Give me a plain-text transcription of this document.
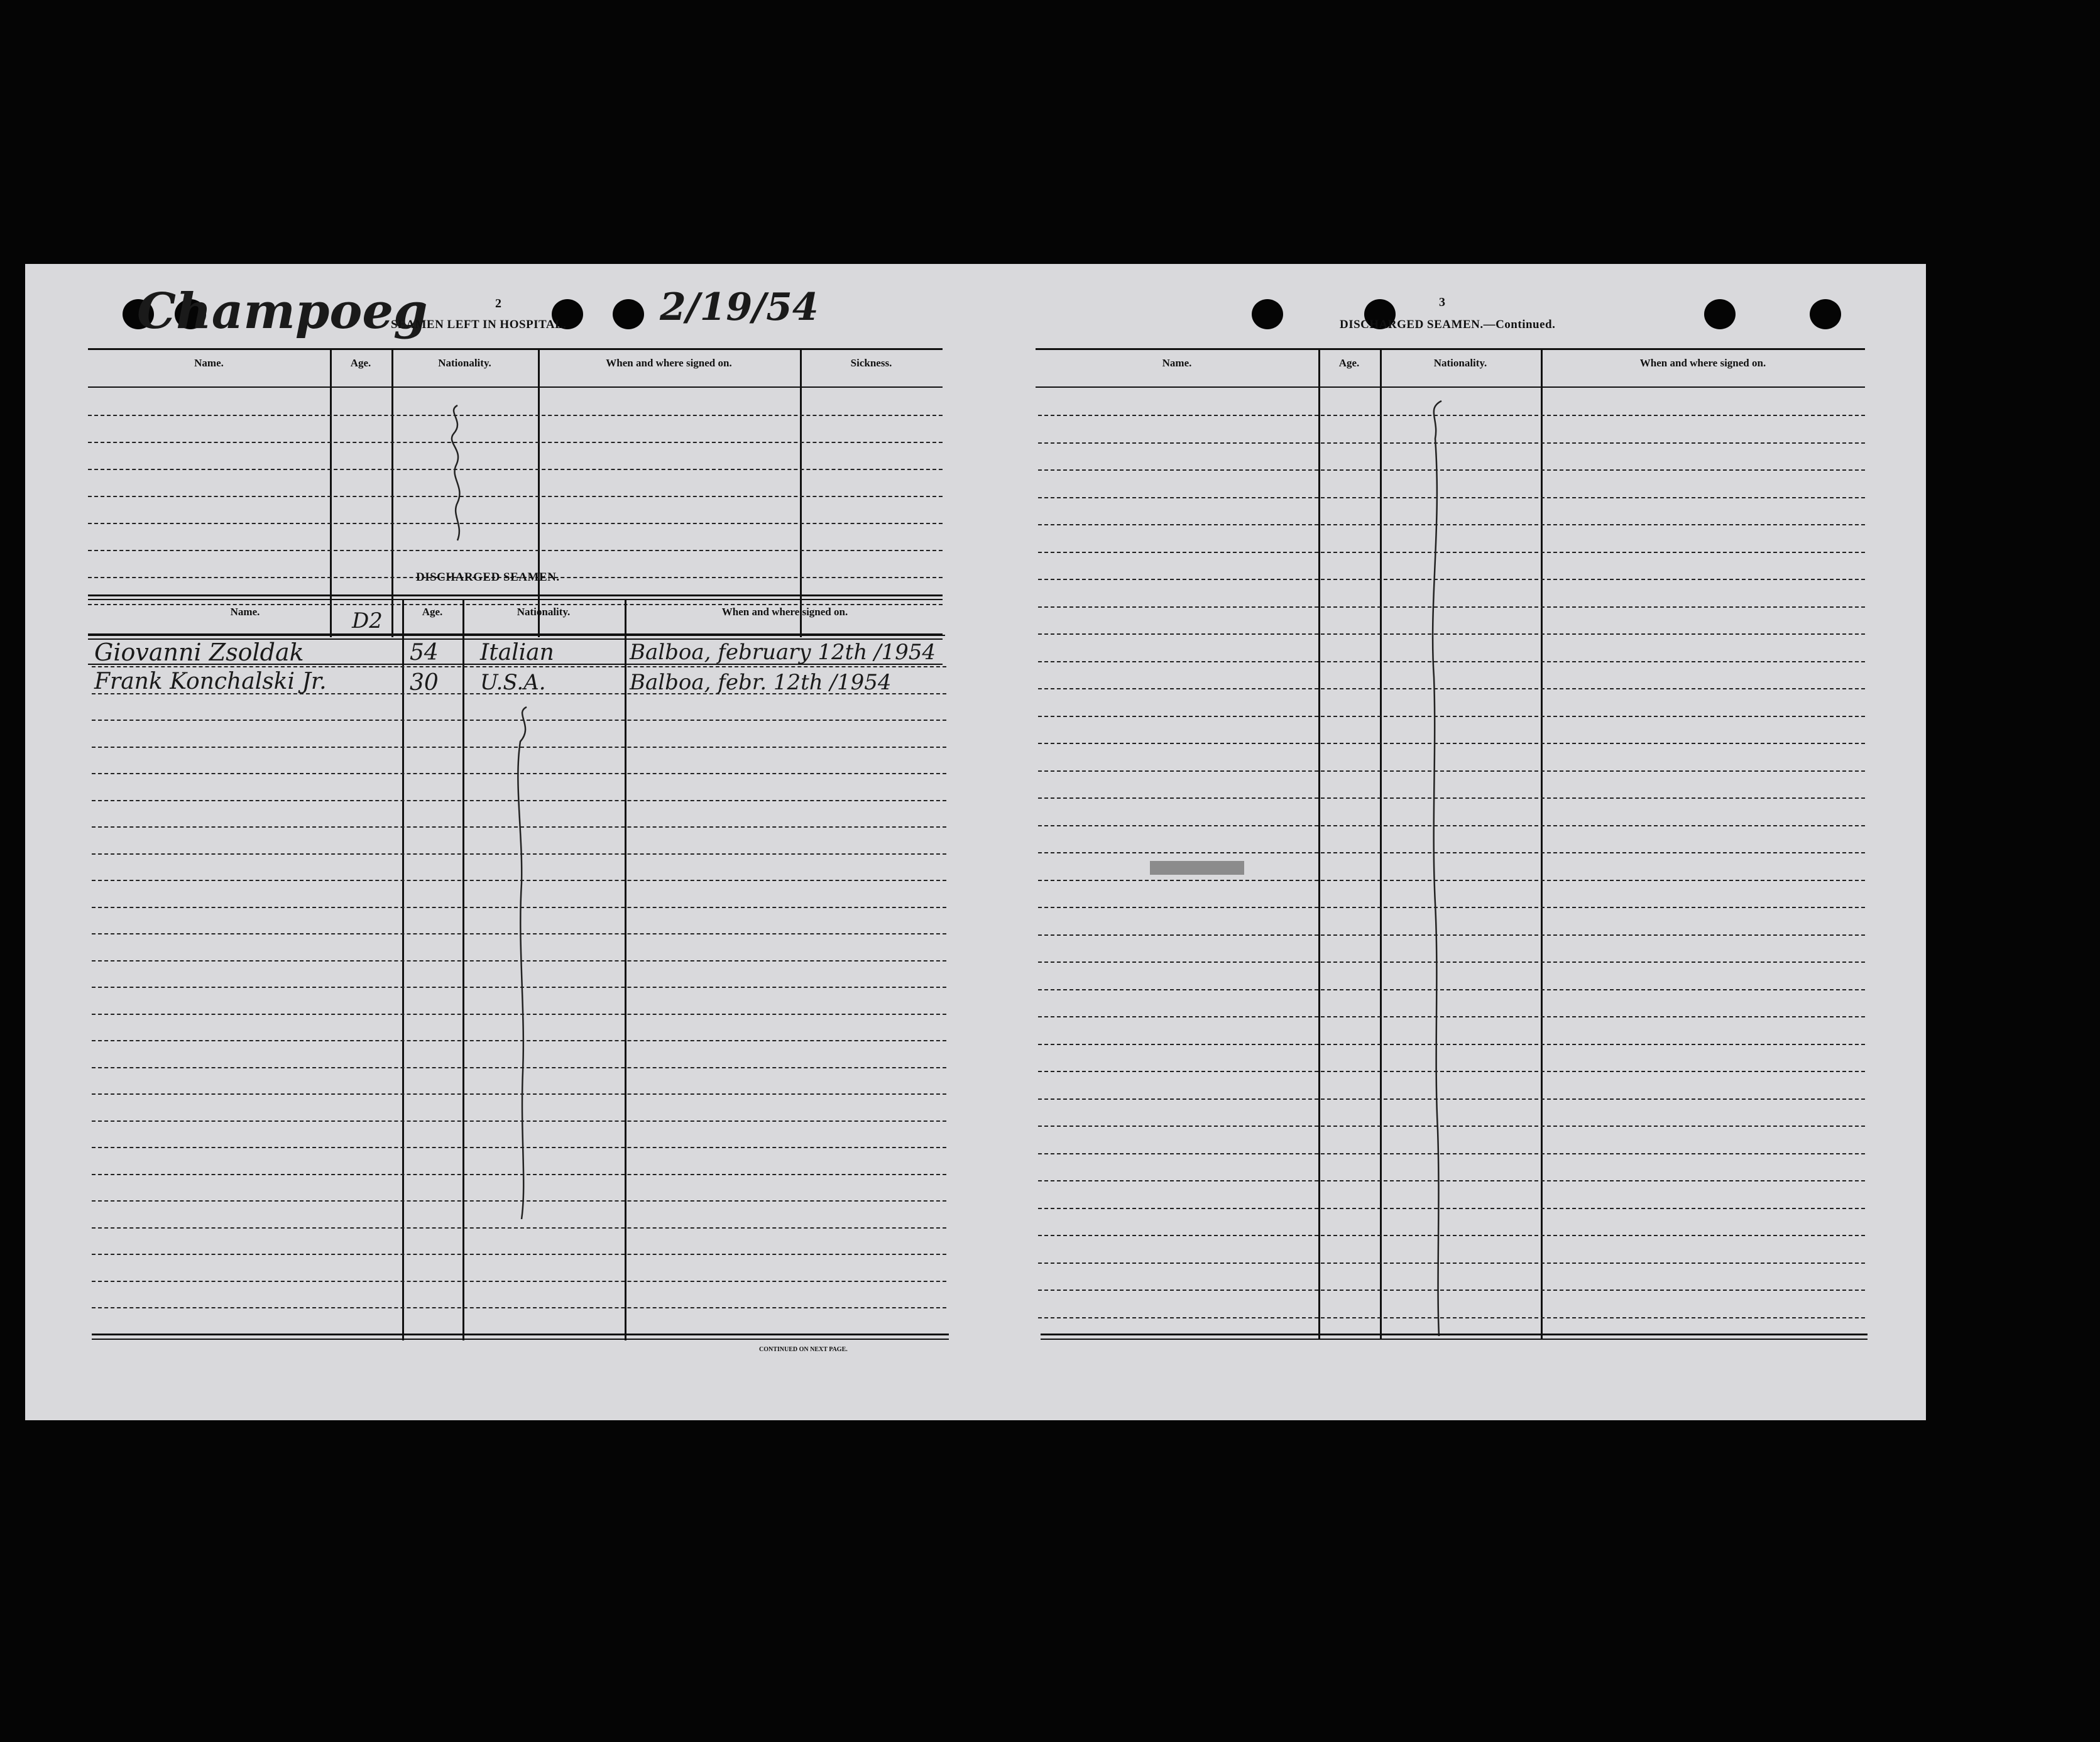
Champoeg	2	2/19/54
SEAMEN LEFT IN HOSPITAL.
Name.	Age.	Nationality.	When and where signed on.	Sickness.
DISCHARGED SEAMEN.
Name.	Age.	Nationality.	When and where signed on.
D2
Giovanni Zsoldak	54 Italian	Balboa, february 12th /1954
Frank Konchalski Jr.	30 U.S.A.	Balboa, febr. 12th /1954
CONTINUED ON NEXT PAGE.
3
DISCHARGED SEAMEN.—Continued.
Name.	Age.	Nationality.	When and where signed on.
